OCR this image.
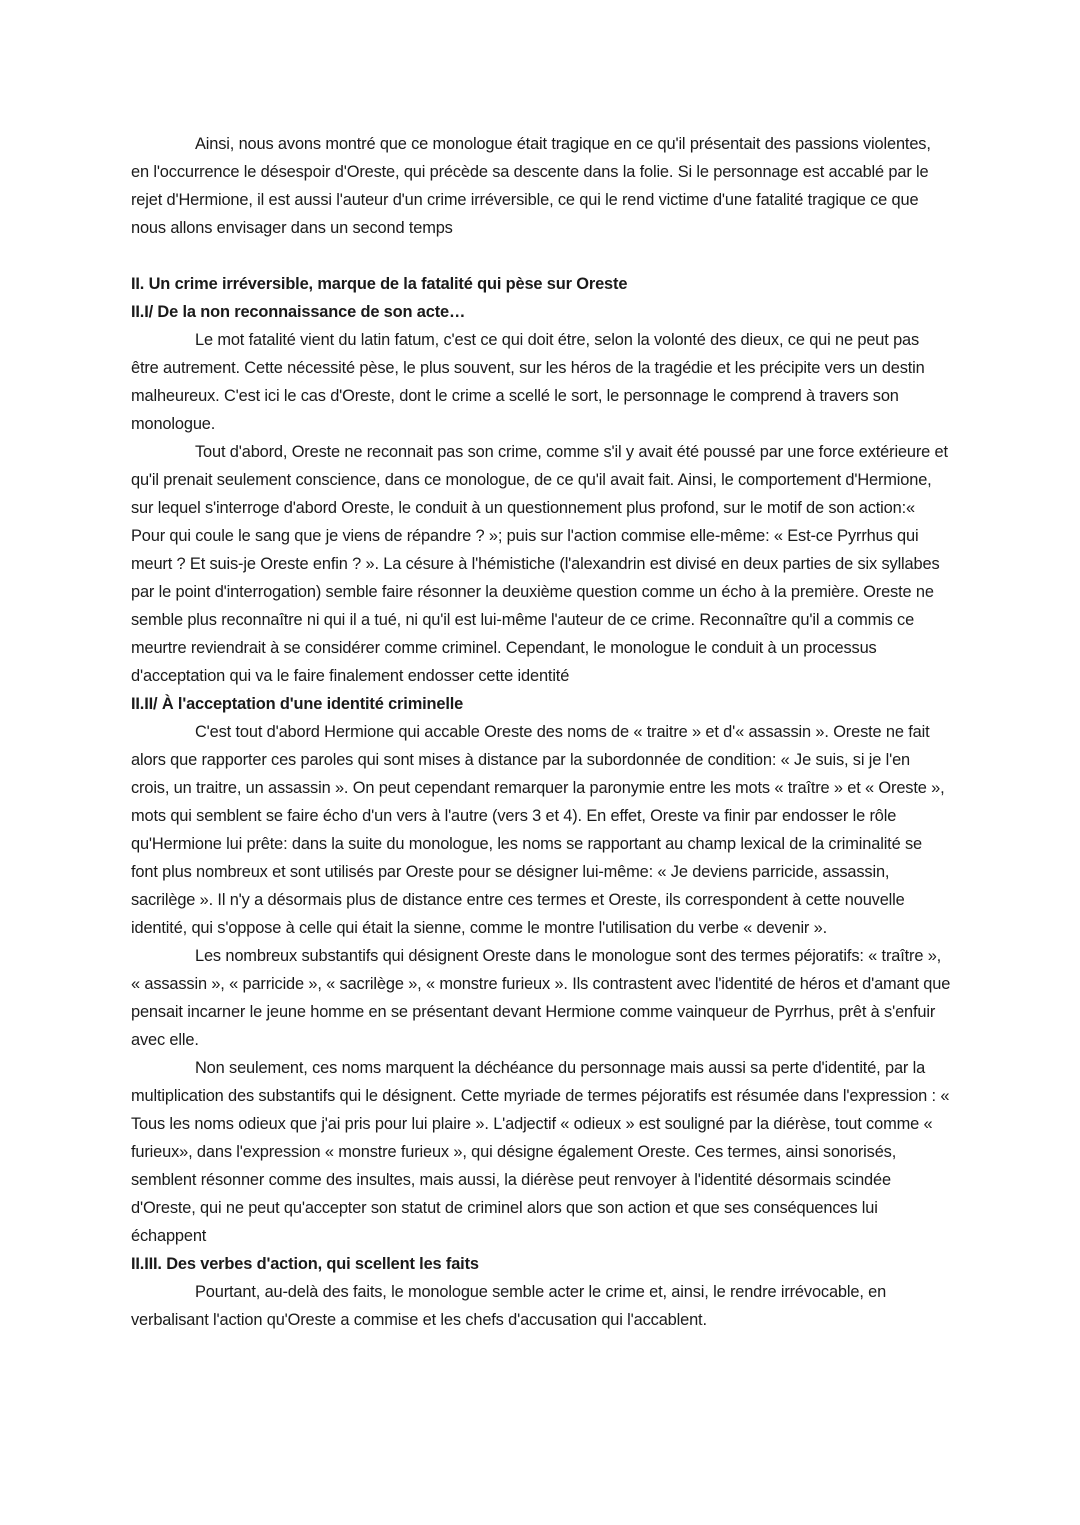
Ainsi, nous avons montré que ce monologue était tragique en ce qu'il présentait des passions violentes, en l'occurrence le désespoir d'Oreste, qui précède sa descente dans la folie. Si le personnage est accablé par le rejet d'Hermione, il est aussi l'auteur d'un crime irréversible, ce qui le rend victime d'une fatalité tragique ce que nous allons envisager dans un second temps

II. Un crime irréversible, marque de la fatalité qui pèse sur Oreste

II.I/ De la non reconnaissance de son acte…

Le mot fatalité vient du latin fatum, c'est ce qui doit étre, selon la volonté des dieux, ce qui ne peut pas être autrement. Cette nécessité pèse, le plus souvent, sur les héros de la tragédie et les précipite vers un destin malheureux. C'est ici le cas d'Oreste, dont le crime a scellé le sort, le personnage le comprend à travers son monologue.

Tout d'abord, Oreste ne reconnait pas son crime, comme s'il y avait été poussé par une force extérieure et qu'il prenait seulement conscience, dans ce monologue, de ce qu'il avait fait. Ainsi, le comportement d'Hermione, sur lequel s'interroge d'abord Oreste, le conduit à un questionnement plus profond, sur le motif de son action:« Pour qui coule le sang que je viens de répandre ? »; puis sur l'action commise elle-même: « Est-ce Pyrrhus qui meurt ? Et suis-je Oreste enfin ? ». La césure à l'hémistiche (l'alexandrin est divisé en deux parties de six syllabes par le point d'interrogation) semble faire résonner la deuxième question comme un écho à la première. Oreste ne semble plus reconnaître ni qui il a tué, ni qu'il est lui-même l'auteur de ce crime. Reconnaître qu'il a commis ce meurtre reviendrait à se considérer comme criminel. Cependant, le monologue le conduit à un processus d'acceptation qui va le faire finalement endosser cette identité

II.II/ À l'acceptation d'une identité criminelle

C'est tout d'abord Hermione qui accable Oreste des noms de « traitre » et d'« assassin ». Oreste ne fait alors que rapporter ces paroles qui sont mises à distance par la subordonnée de condition: « Je suis, si je l'en crois, un traitre, un assassin ». On peut cependant remarquer la paronymie entre les mots « traître » et « Oreste », mots qui semblent se faire écho d'un vers à l'autre (vers 3 et 4). En effet, Oreste va finir par endosser le rôle qu'Hermione lui prête: dans la suite du monologue, les noms se rapportant au champ lexical de la criminalité se font plus nombreux et sont utilisés par Oreste pour se désigner lui-même: « Je deviens parricide, assassin, sacrilège ». Il n'y a désormais plus de distance entre ces termes et Oreste, ils correspondent à cette nouvelle identité, qui s'oppose à celle qui était la sienne, comme le montre l'utilisation du verbe « devenir ».

Les nombreux substantifs qui désignent Oreste dans le monologue sont des termes péjoratifs: « traître », « assassin », « parricide », « sacrilège », « monstre furieux ». Ils contrastent avec l'identité de héros et d'amant que pensait incarner le jeune homme en se présentant devant Hermione comme vainqueur de Pyrrhus, prêt à s'enfuir avec elle.

Non seulement, ces noms marquent la déchéance du personnage mais aussi sa perte d'identité, par la multiplication des substantifs qui le désignent. Cette myriade de termes péjoratifs est résumée dans l'expression : « Tous les noms odieux que j'ai pris pour lui plaire ». L'adjectif « odieux » est souligné par la diérèse, tout comme « furieux», dans l'expression « monstre furieux », qui désigne également Oreste. Ces termes, ainsi sonorisés, semblent résonner comme des insultes, mais aussi, la diérèse peut renvoyer à l'identité désormais scindée d'Oreste, qui ne peut qu'accepter son statut de criminel alors que son action et que ses conséquences lui échappent

II.III. Des verbes d'action, qui scellent les faits

Pourtant, au-delà des faits, le monologue semble acter le crime et, ainsi, le rendre irrévocable, en verbalisant l'action qu'Oreste a commise et les chefs d'accusation qui l'accablent.
